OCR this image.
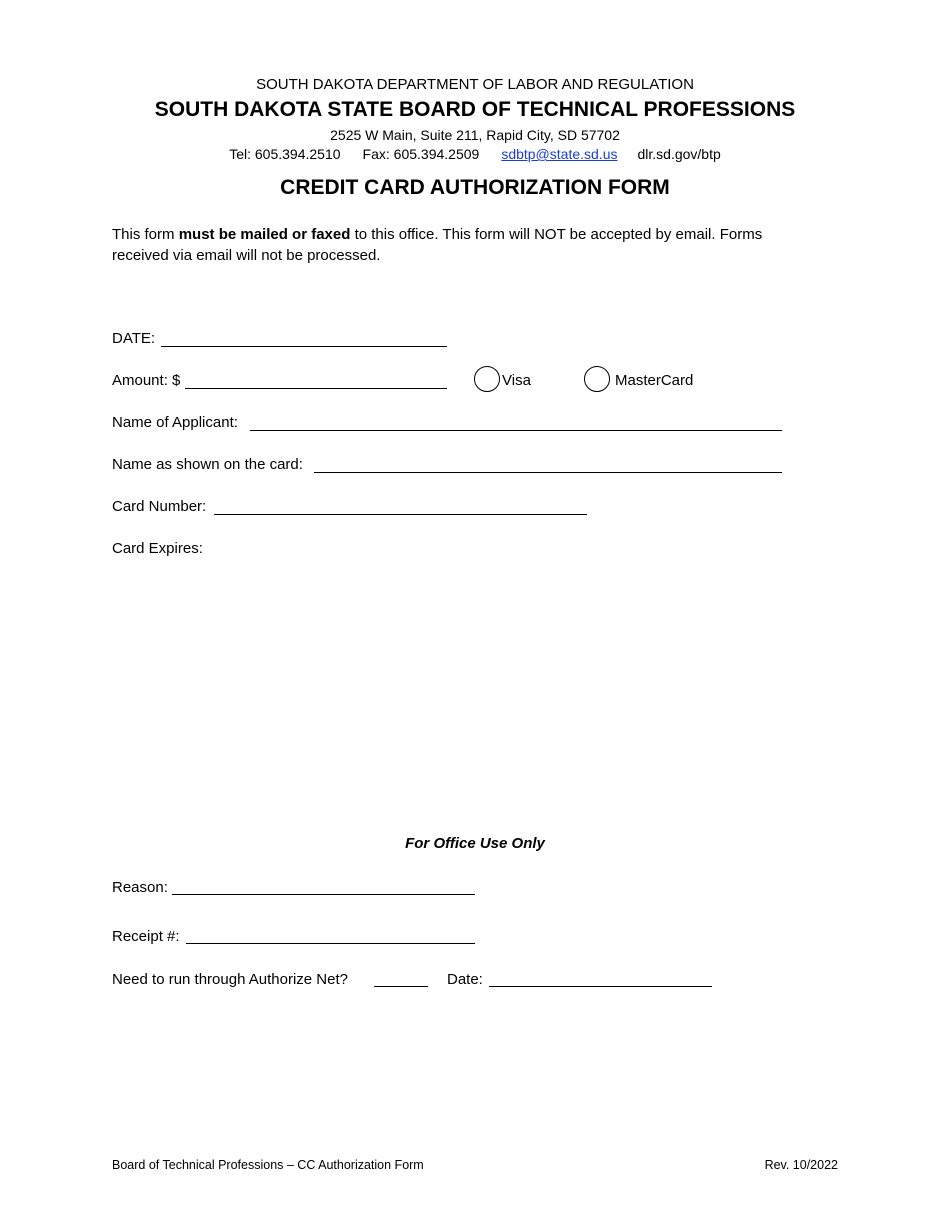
SOUTH DAKOTA DEPARTMENT OF LABOR AND REGULATION
SOUTH DAKOTA STATE BOARD OF TECHNICAL PROFESSIONS
2525 W Main, Suite 211, Rapid City, SD 57702
Tel: 605.394.2510 Fax: 605.394.2509 sdbtp@state.sd.us dlr.sd.gov/btp
CREDIT CARD AUTHORIZATION FORM
This form must be mailed or faxed to this office. This form will NOT be accepted by email. Forms received via email will not be processed.
DATE:
Amount: $	Visa	MasterCard
Name of Applicant:
Name as shown on the card:
Card Number:
Card Expires:
For Office Use Only
Reason:
Receipt #:
Need to run through Authorize Net?	Date:
Board of Technical Professions – CC Authorization Form	Rev. 10/2022
